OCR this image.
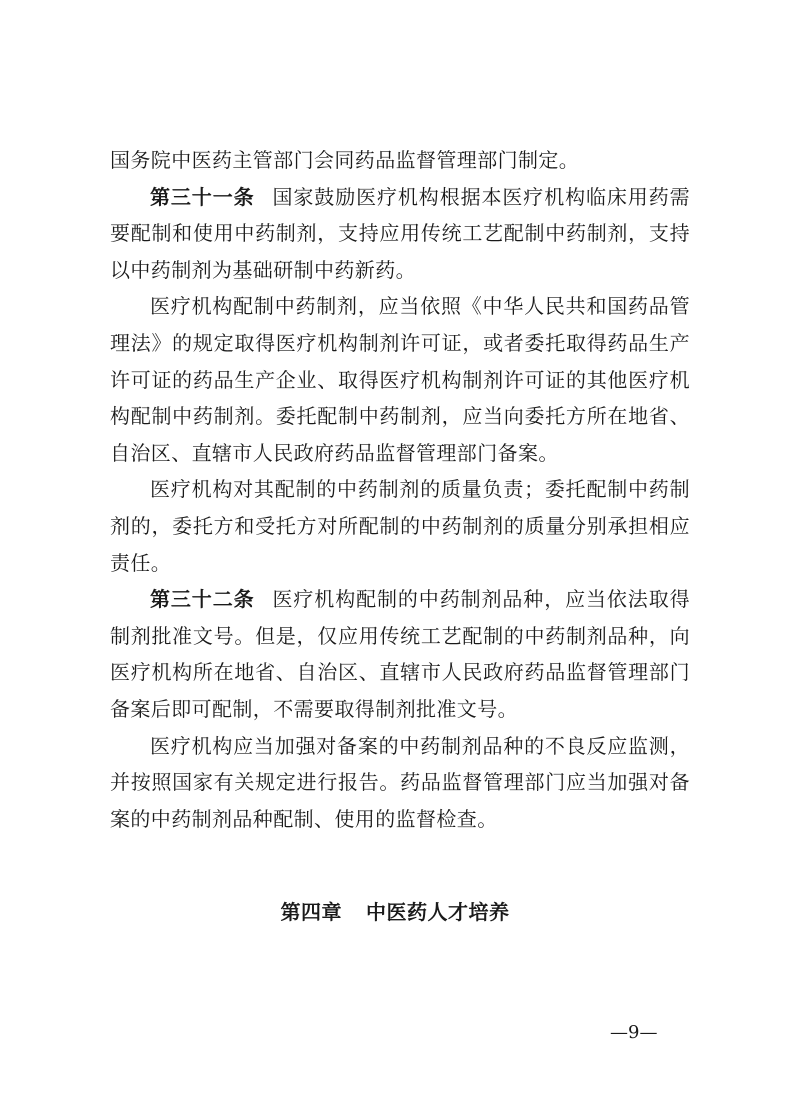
国务院中医药主管部门会同药品监督管理部门制定。

第三十一条 国家鼓励医疗机构根据本医疗机构临床用药需要配制和使用中药制剂，支持应用传统工艺配制中药制剂，支持以中药制剂为基础研制中药新药。

医疗机构配制中药制剂，应当依照《中华人民共和国药品管理法》的规定取得医疗机构制剂许可证，或者委托取得药品生产许可证的药品生产企业、取得医疗机构制剂许可证的其他医疗机构配制中药制剂。委托配制中药制剂，应当向委托方所在地省、自治区、直辖市人民政府药品监督管理部门备案。

医疗机构对其配制的中药制剂的质量负责；委托配制中药制剂的，委托方和受托方对所配制的中药制剂的质量分别承担相应责任。

第三十二条 医疗机构配制的中药制剂品种，应当依法取得制剂批准文号。但是，仅应用传统工艺配制的中药制剂品种，向医疗机构所在地省、自治区、直辖市人民政府药品监督管理部门备案后即可配制，不需要取得制剂批准文号。

医疗机构应当加强对备案的中药制剂品种的不良反应监测，并按照国家有关规定进行报告。药品监督管理部门应当加强对备案的中药制剂品种配制、使用的监督检查。

第四章 中医药人才培养
—9—
